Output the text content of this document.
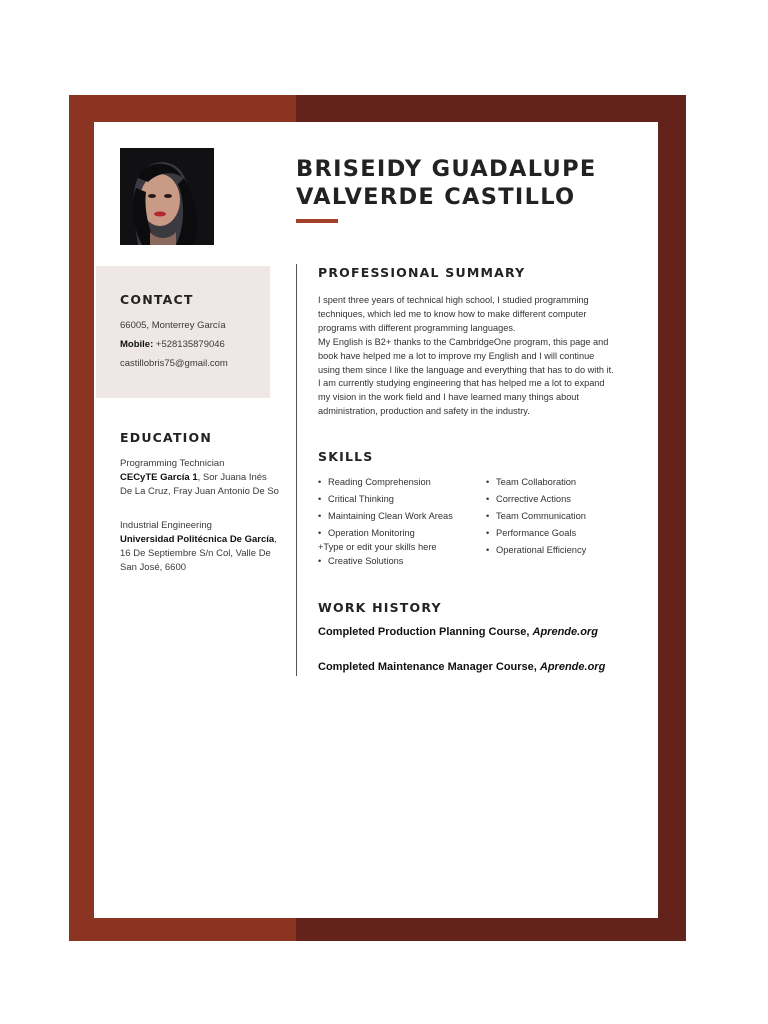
BRISEIDY GUADALUPE
VALVERDE CASTILLO
CONTACT
66005, Monterrey García
Mobile: +528135879046
castillobris75@gmail.com
EDUCATION
Programming Technician
CECyTE García 1, Sor Juana Inés De La Cruz, Fray Juan Antonio De So
Industrial Engineering
Universidad Politécnica De García, 16 De Septiembre S/n Col, Valle De San José, 6600
PROFESSIONAL SUMMARY
I spent three years of technical high school, I studied programming
techniques, which led me to know how to make different computer
programs with different programming languages.
My English is B2+ thanks to the CambridgeOne program, this page and
book have helped me a lot to improve my English and I will continue
using them since I like the language and everything that has to do with it.
I am currently studying engineering that has helped me a lot to expand
my vision in the work field and I have learned many things about
administration, production and safety in the industry.
SKILLS
• Reading Comprehension
• Critical Thinking
• Maintaining Clean Work Areas
• Operation Monitoring
+Type or edit your skills here
• Creative Solutions
• Team Collaboration
• Corrective Actions
• Team Communication
• Performance Goals
• Operational Efficiency
WORK HISTORY
Completed Production Planning Course, Aprende.org
Completed Maintenance Manager Course, Aprende.org
